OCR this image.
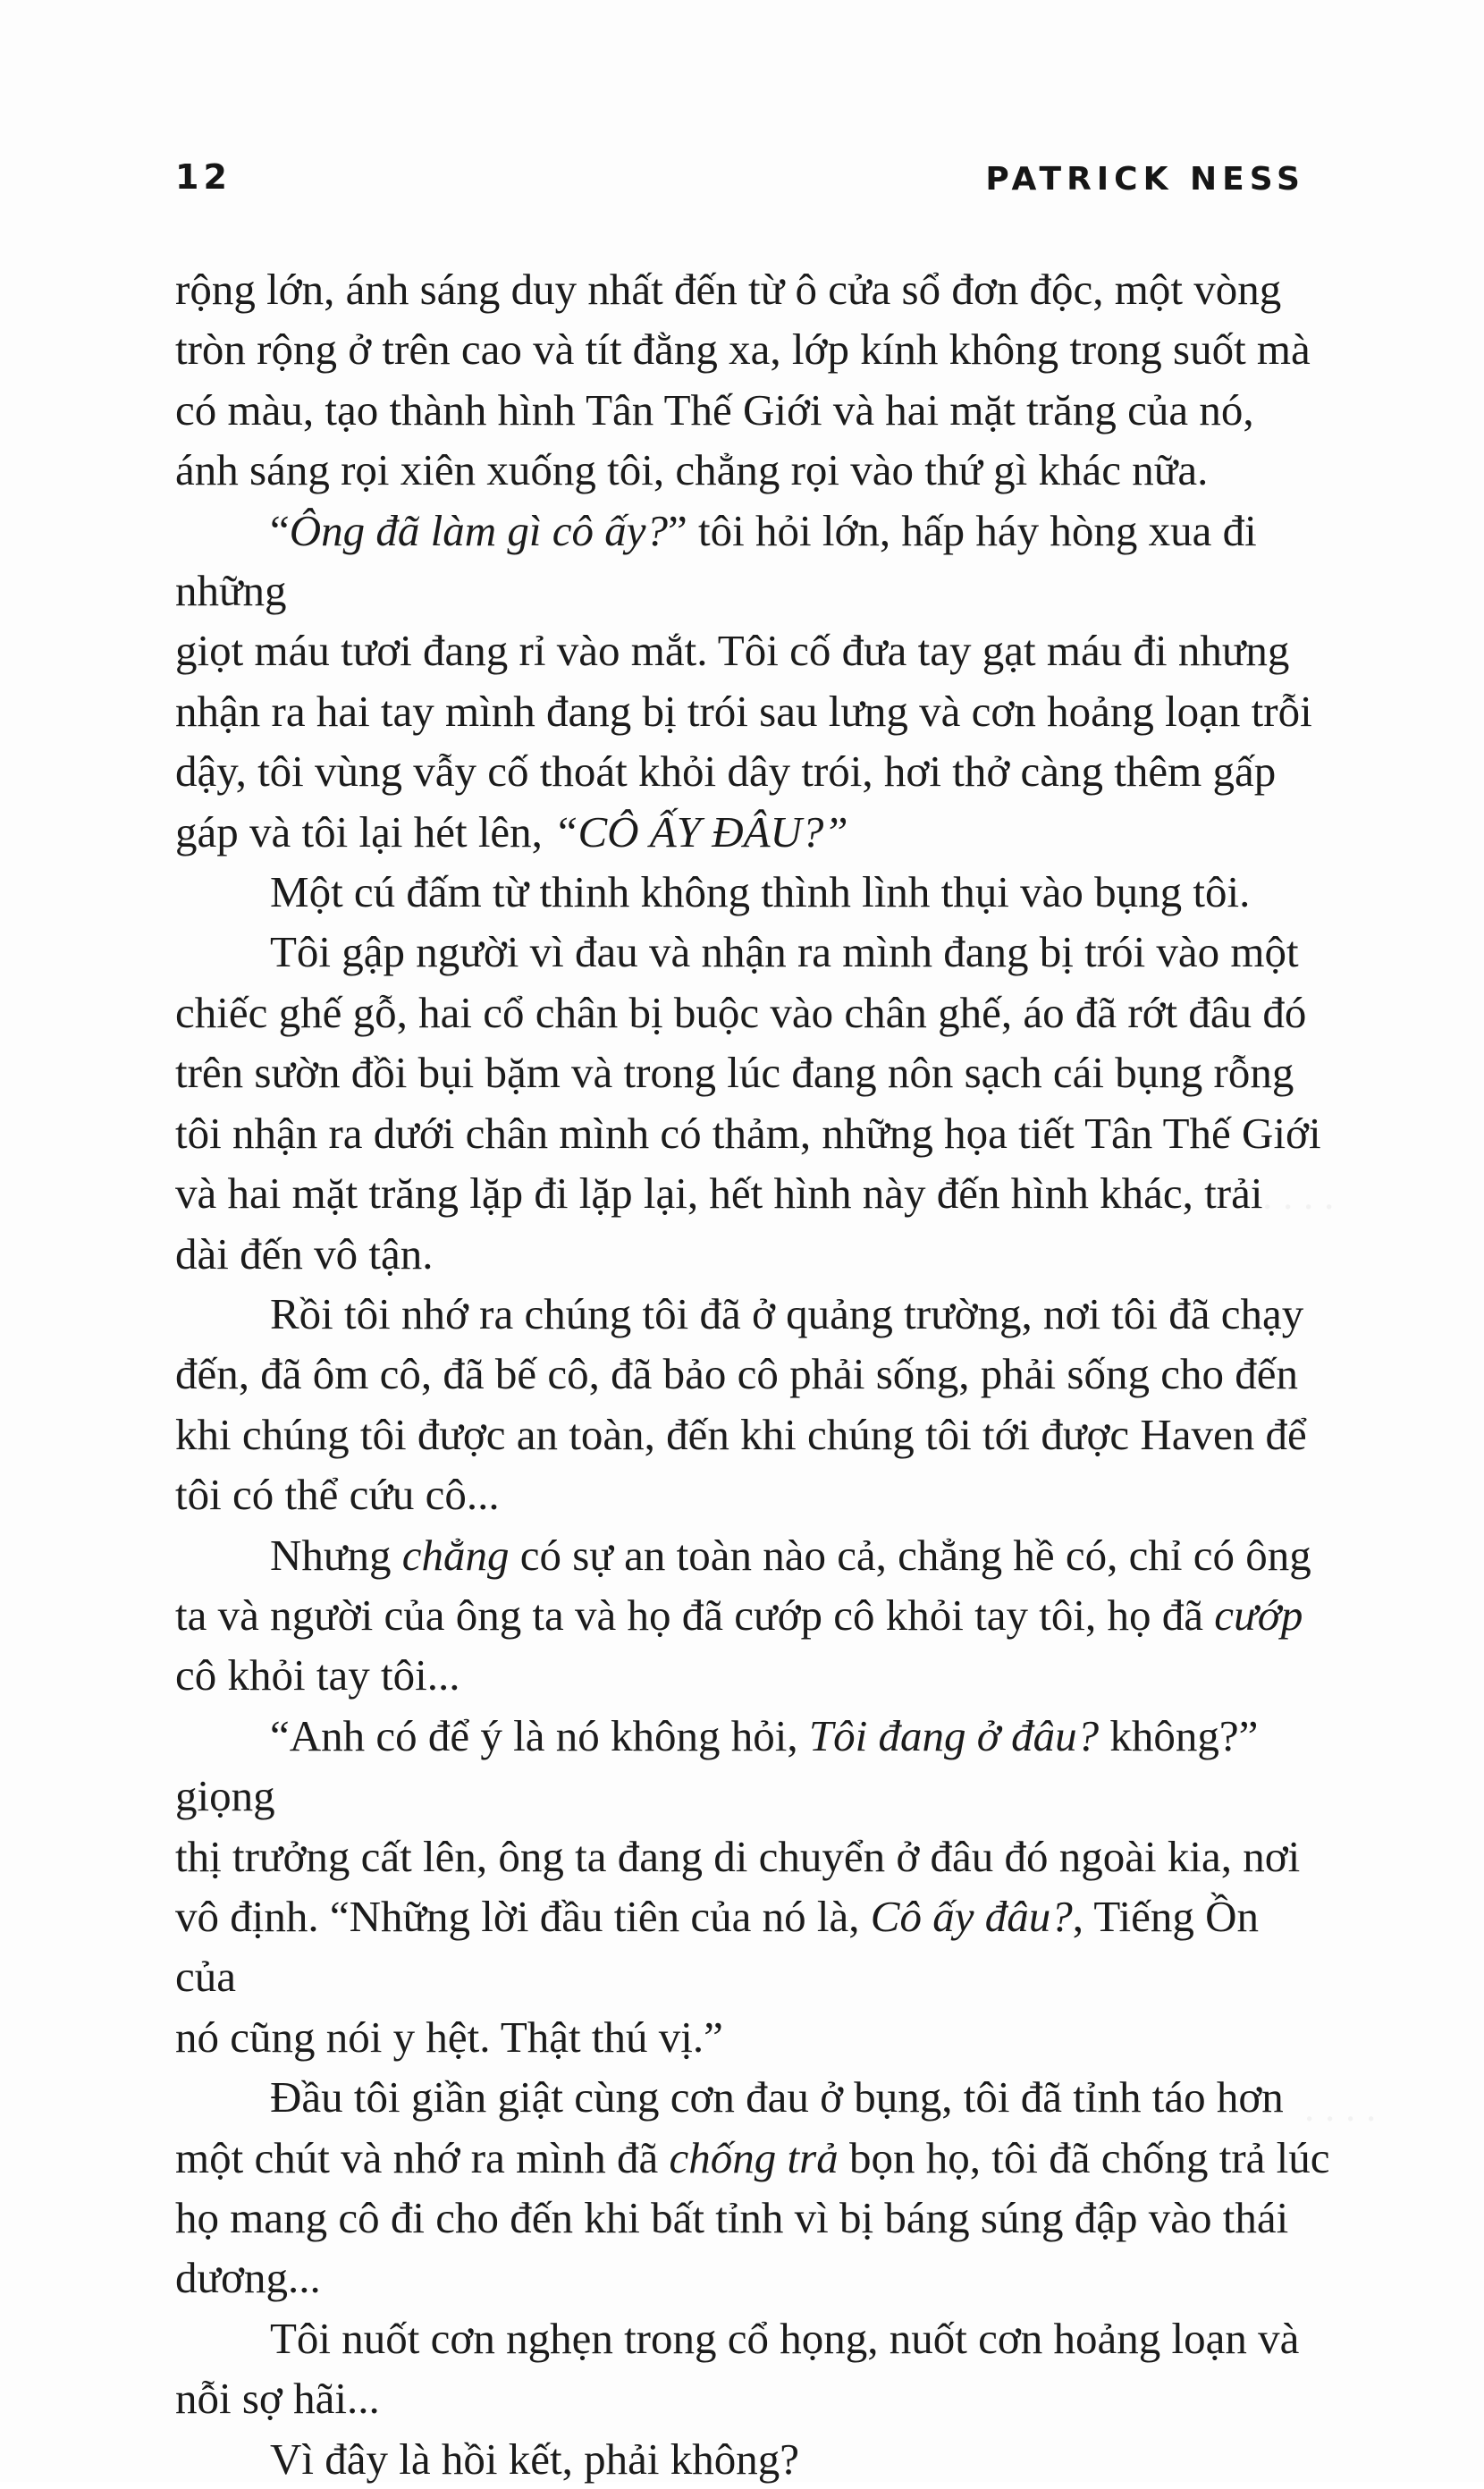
12	PATRICK NESS

rộng lớn, ánh sáng duy nhất đến từ ô cửa sổ đơn độc, một vòng
tròn rộng ở trên cao và tít đằng xa, lớp kính không trong suốt mà
có màu, tạo thành hình Tân Thế Giới và hai mặt trăng của nó,
ánh sáng rọi xiên xuống tôi, chẳng rọi vào thứ gì khác nữa.

“Ông đã làm gì cô ấy?” tôi hỏi lớn, hấp háy hòng xua đi những
giọt máu tươi đang rỉ vào mắt. Tôi cố đưa tay gạt máu đi nhưng
nhận ra hai tay mình đang bị trói sau lưng và cơn hoảng loạn trỗi
dậy, tôi vùng vẫy cố thoát khỏi dây trói, hơi thở càng thêm gấp
gáp và tôi lại hét lên, “CÔ ẤY ĐÂU?”

Một cú đấm từ thinh không thình lình thụi vào bụng tôi.

Tôi gập người vì đau và nhận ra mình đang bị trói vào một
chiếc ghế gỗ, hai cổ chân bị buộc vào chân ghế, áo đã rớt đâu đó
trên sườn đồi bụi bặm và trong lúc đang nôn sạch cái bụng rỗng
tôi nhận ra dưới chân mình có thảm, những họa tiết Tân Thế Giới
và hai mặt trăng lặp đi lặp lại, hết hình này đến hình khác, trải
dài đến vô tận.

Rồi tôi nhớ ra chúng tôi đã ở quảng trường, nơi tôi đã chạy
đến, đã ôm cô, đã bế cô, đã bảo cô phải sống, phải sống cho đến
khi chúng tôi được an toàn, đến khi chúng tôi tới được Haven để
tôi có thể cứu cô...

Nhưng chẳng có sự an toàn nào cả, chẳng hề có, chỉ có ông
ta và người của ông ta và họ đã cướp cô khỏi tay tôi, họ đã cướp
cô khỏi tay tôi...

“Anh có để ý là nó không hỏi, Tôi đang ở đâu? không?” giọng
thị trưởng cất lên, ông ta đang di chuyển ở đâu đó ngoài kia, nơi
vô định. “Những lời đầu tiên của nó là, Cô ấy đâu?, Tiếng Ồn của
nó cũng nói y hệt. Thật thú vị.”

Đầu tôi giần giật cùng cơn đau ở bụng, tôi đã tỉnh táo hơn
một chút và nhớ ra mình đã chống trả bọn họ, tôi đã chống trả lúc
họ mang cô đi cho đến khi bất tỉnh vì bị báng súng đập vào thái
dương...

Tôi nuốt cơn nghẹn trong cổ họng, nuốt cơn hoảng loạn và
nỗi sợ hãi...

Vì đây là hồi kết, phải không?
